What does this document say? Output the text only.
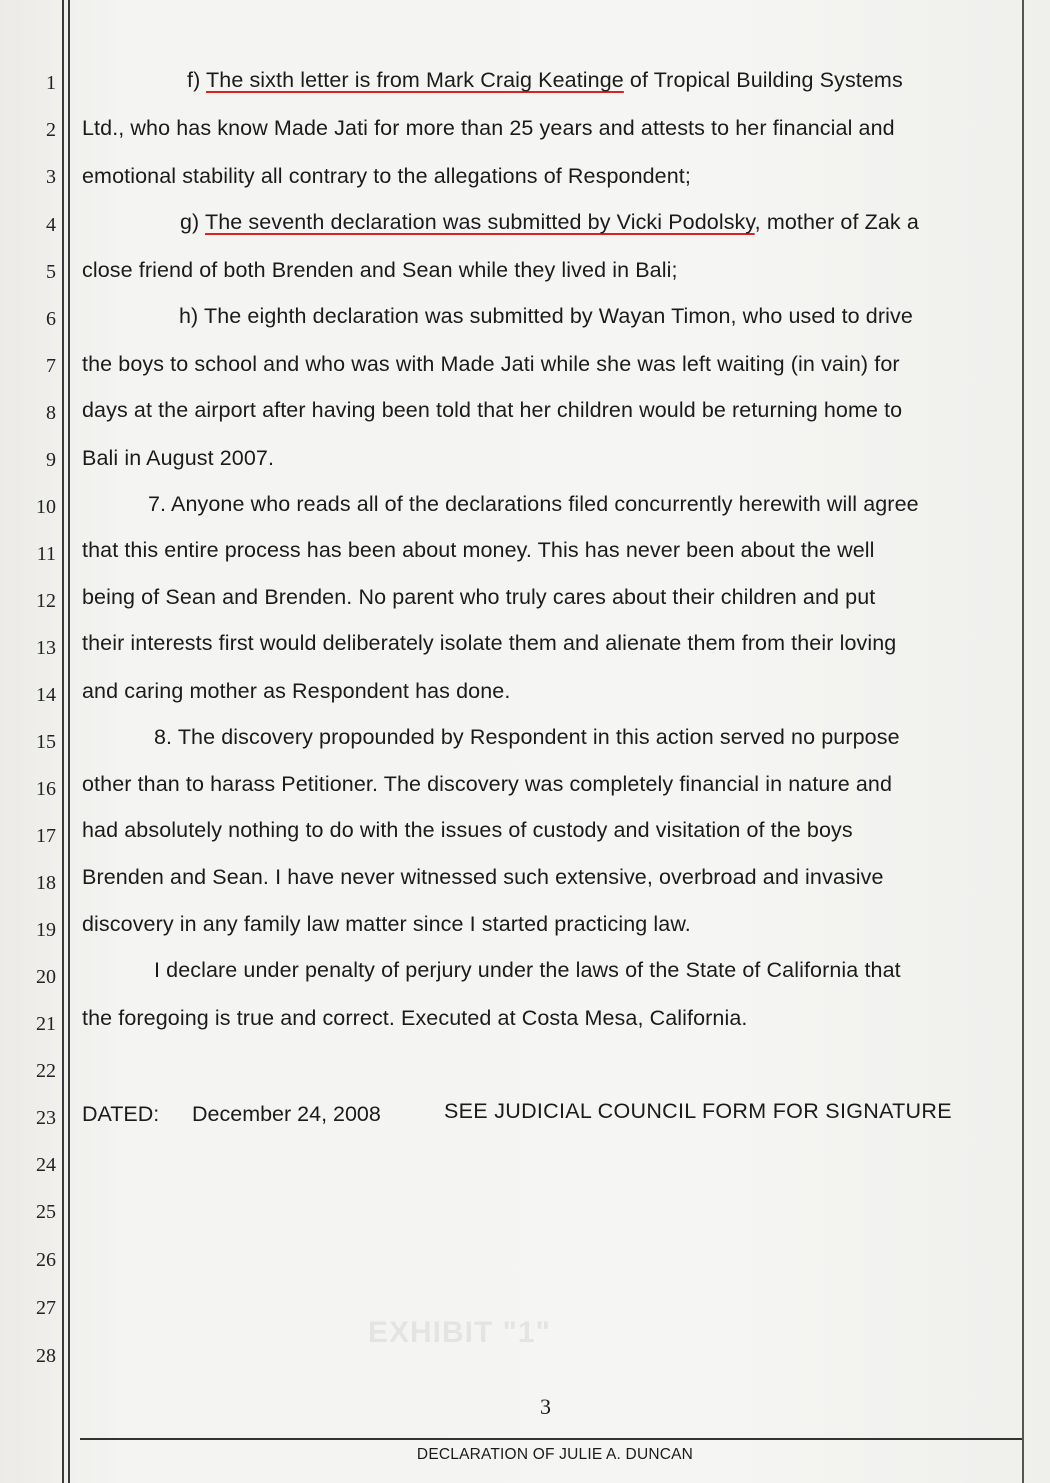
1
2
3
4
5
6
7
8
9
10
11
12
13
14
15
16
17
18
19
20
21
22
23
24
25
26
27
28
f) The sixth letter is from Mark Craig Keatinge of Tropical Building Systems
Ltd., who has know Made Jati for more than 25 years and attests to her financial and
emotional stability all contrary to the allegations of Respondent;
g) The seventh declaration was submitted by Vicki Podolsky, mother of Zak a
close friend of both Brenden and Sean while they lived in Bali;
h) The eighth declaration was submitted by Wayan Timon, who used to drive
the boys to school and who was with Made Jati while she was left waiting (in vain) for
days at the airport after having been told that her children would be returning home to
Bali in August 2007.
7. Anyone who reads all of the declarations filed concurrently herewith will agree
that this entire process has been about money. This has never been about the well
being of Sean and Brenden. No parent who truly cares about their children and put
their interests first would deliberately isolate them and alienate them from their loving
and caring mother as Respondent has done.
8. The discovery propounded by Respondent in this action served no purpose
other than to harass Petitioner. The discovery was completely financial in nature and
had absolutely nothing to do with the issues of custody and visitation of the boys
Brenden and Sean. I have never witnessed such extensive, overbroad and invasive
discovery in any family law matter since I started practicing law.
I declare under penalty of perjury under the laws of the State of California that
the foregoing is true and correct. Executed at Costa Mesa, California.
DATED: December 24, 2008	SEE JUDICIAL COUNCIL FORM FOR SIGNATURE
EXHIBIT "1"
3
DECLARATION OF JULIE A. DUNCAN
